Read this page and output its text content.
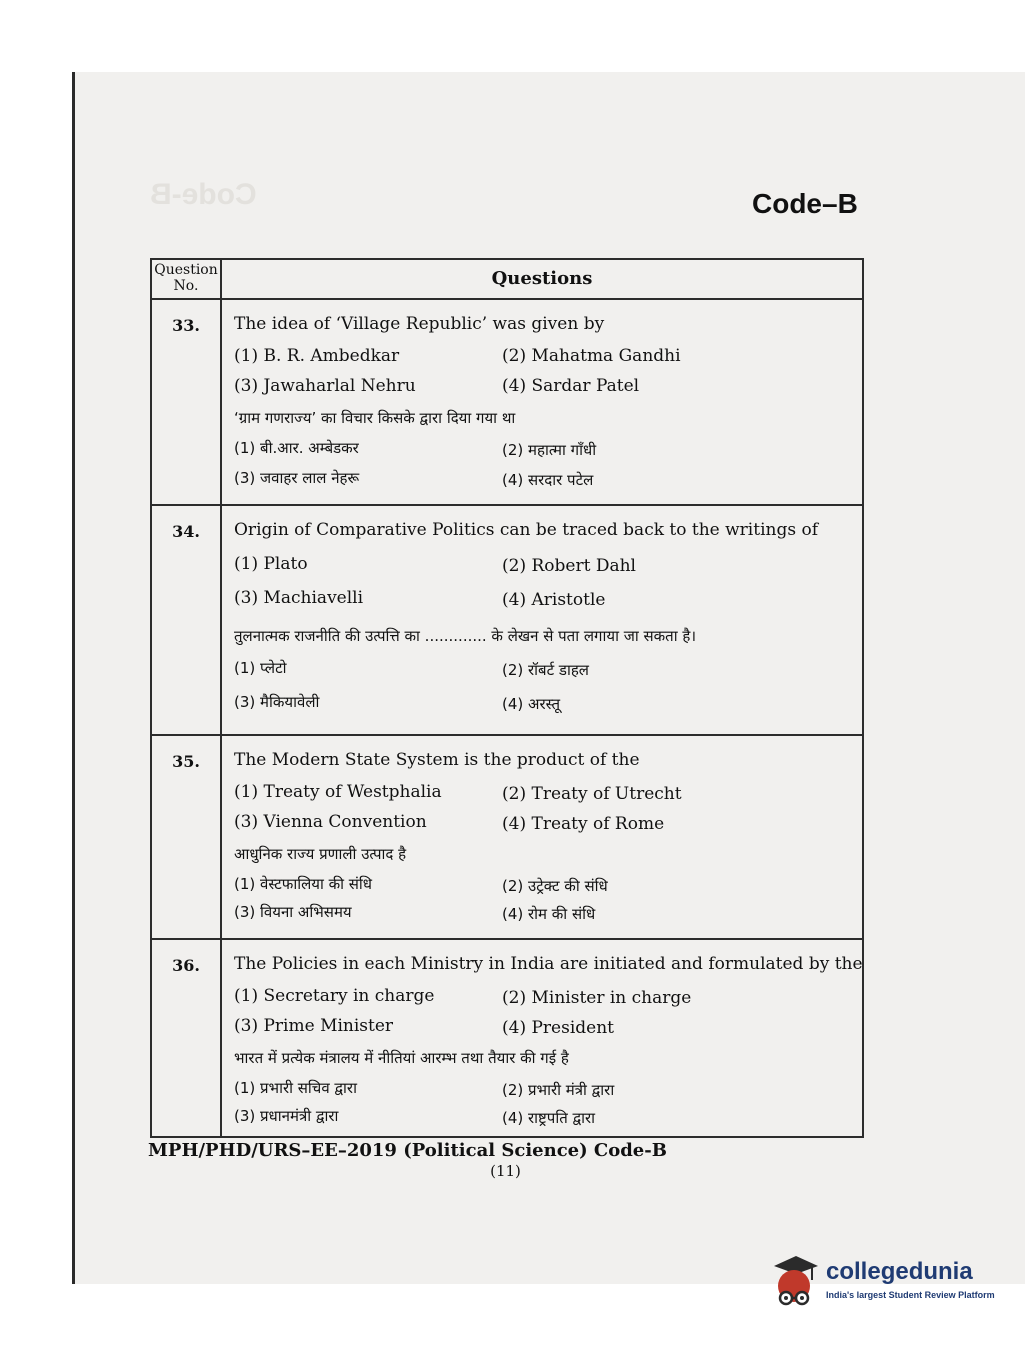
Code-B	Code–B
Question No.	Questions
33.	The idea of ‘Village Republic’ was given by
(1) B. R. Ambedkar	(2) Mahatma Gandhi
(3) Jawaharlal Nehru	(4) Sardar Patel
‘ग्राम गणराज्य’ का विचार किसके द्वारा दिया गया था
(1) बी.आर. अम्बेडकर	(2) महात्मा गाँधी
(3) जवाहर लाल नेहरू	(4) सरदार पटेल
34.	Origin of Comparative Politics can be traced back to the writings of
(1) Plato	(2) Robert Dahl
(3) Machiavelli	(4) Aristotle
तुलनात्मक राजनीति की उत्पत्ति का ............. के लेखन से पता लगाया जा सकता है।
(1) प्लेटो	(2) रॉबर्ट डाहल
(3) मैकियावेली	(4) अरस्तू
35.	The Modern State System is the product of the
(1) Treaty of Westphalia	(2) Treaty of Utrecht
(3) Vienna Convention	(4) Treaty of Rome
आधुनिक राज्य प्रणाली उत्पाद है
(1) वेस्टफालिया की संधि	(2) उट्रेक्ट की संधि
(3) वियना अभिसमय	(4) रोम की संधि
36.	The Policies in each Ministry in India are initiated and formulated by the
(1) Secretary in charge	(2) Minister in charge
(3) Prime Minister	(4) President
भारत में प्रत्येक मंत्रालय में नीतियां आरम्भ तथा तैयार की गई है
(1) प्रभारी सचिव द्वारा	(2) प्रभारी मंत्री द्वारा
(3) प्रधानमंत्री द्वारा	(4) राष्ट्रपति द्वारा
MPH/PHD/URS–EE–2019 (Political Science) Code-B
(11)
collegedunia
India's largest Student Review Platform
